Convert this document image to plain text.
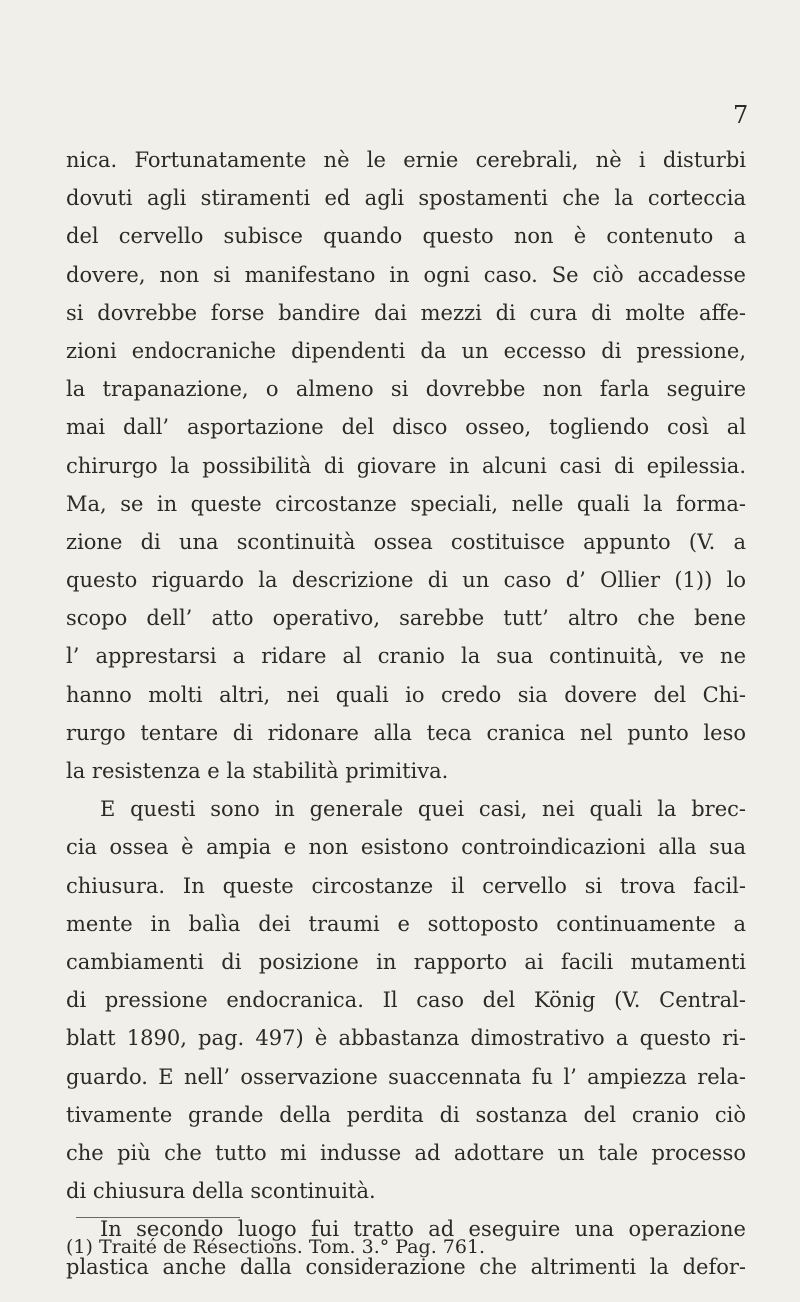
7
nica. Fortunatamente nè le ernie cerebrali, nè i disturbi
dovuti agli stiramenti ed agli spostamenti che la corteccia
del cervello subisce quando questo non è contenuto a
dovere, non si manifestano in ogni caso. Se ciò accadesse
si dovrebbe forse bandire dai mezzi di cura di molte affe-
zioni endocraniche dipendenti da un eccesso di pressione,
la trapanazione, o almeno si dovrebbe non farla seguire
mai dall’ asportazione del disco osseo, togliendo così al
chirurgo la possibilità di giovare in alcuni casi di epilessia.
Ma, se in queste circostanze speciali, nelle quali la forma-
zione di una scontinuità ossea costituisce appunto (V. a
questo riguardo la descrizione di un caso d’ Ollier (1)) lo
scopo dell’ atto operativo, sarebbe tutt’ altro che bene
l’ apprestarsi a ridare al cranio la sua continuità, ve ne
hanno molti altri, nei quali io credo sia dovere del Chi-
rurgo tentare di ridonare alla teca cranica nel punto leso
la resistenza e la stabilità primitiva.
E questi sono in generale quei casi, nei quali la brec-
cia ossea è ampia e non esistono controindicazioni alla sua
chiusura. In queste circostanze il cervello si trova facil-
mente in balìa dei traumi e sottoposto continuamente a
cambiamenti di posizione in rapporto ai facili mutamenti
di pressione endocranica. Il caso del König (V. Central-
blatt 1890, pag. 497) è abbastanza dimostrativo a questo ri-
guardo. E nell’ osservazione suaccennata fu l’ ampiezza rela-
tivamente grande della perdita di sostanza del cranio ciò
che più che tutto mi indusse ad adottare un tale processo
di chiusura della scontinuità.
In secondo luogo fui tratto ad eseguire una operazione
plastica anche dalla considerazione che altrimenti la defor-
(1) Traité de Résections. Tom. 3.° Pag. 761.
